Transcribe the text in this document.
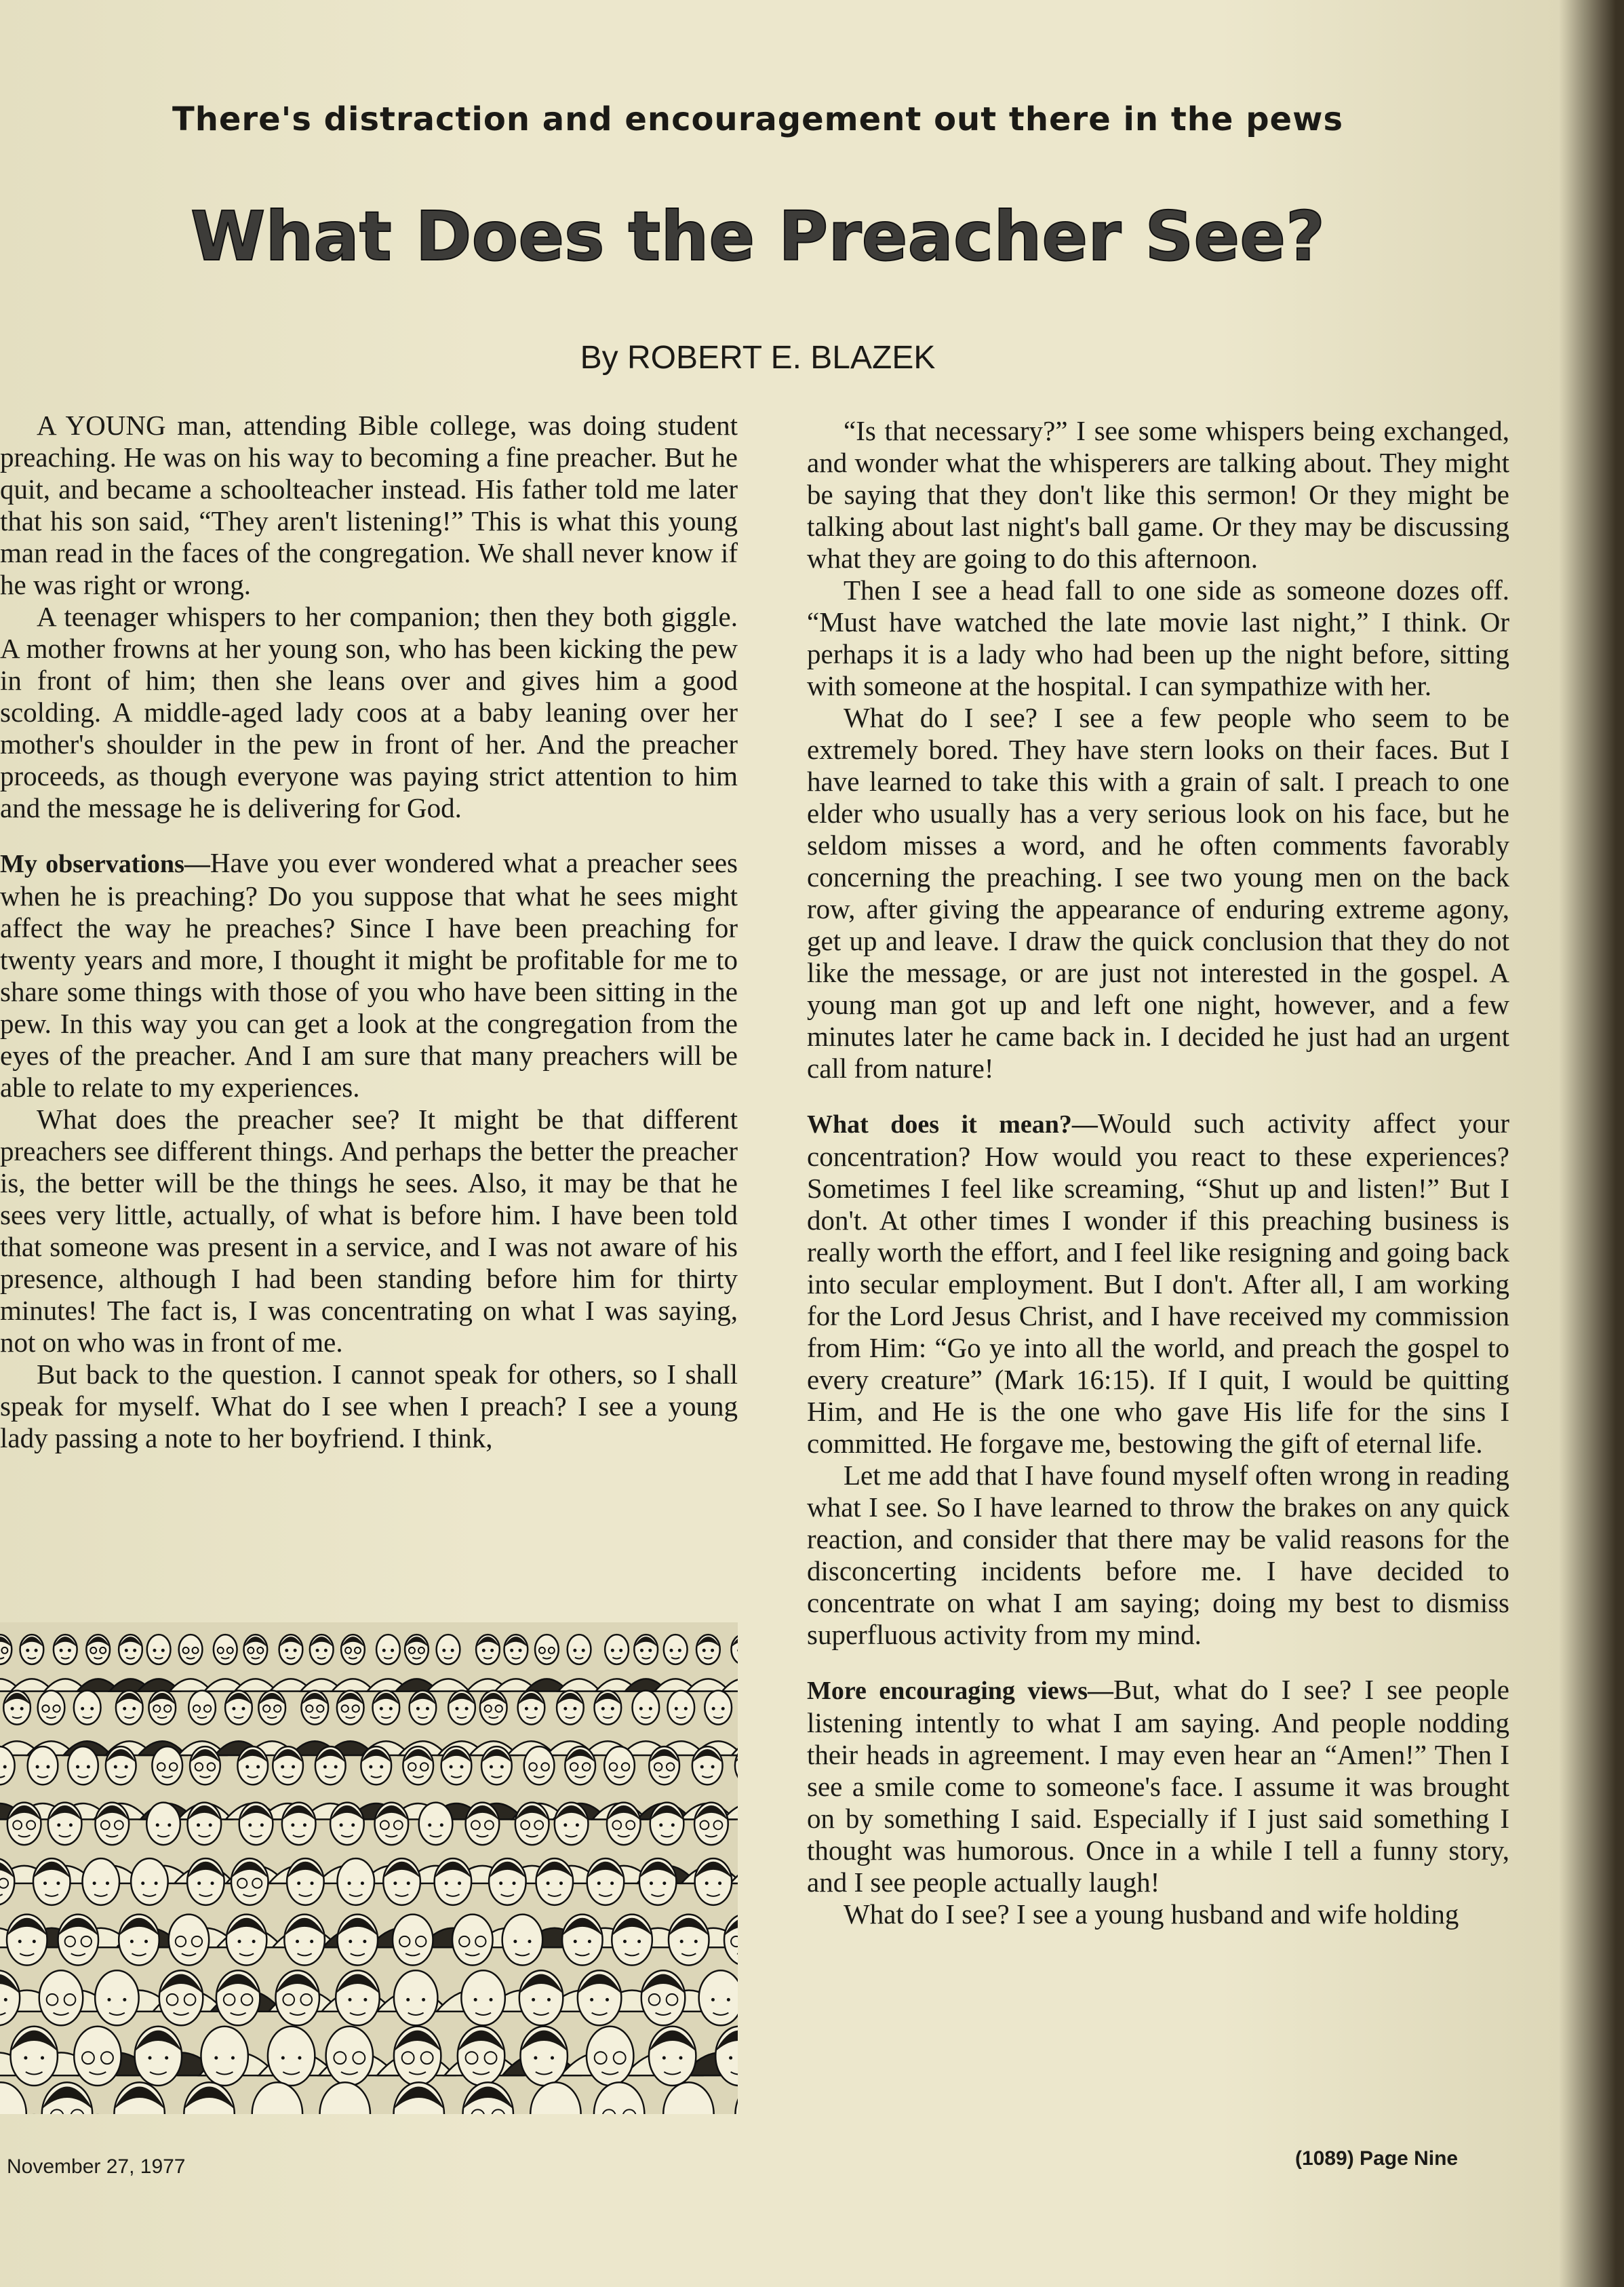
There's distraction and encouragement out there in the pews
What Does the Preacher See?
By ROBERT E. BLAZEK

A YOUNG man, attending Bible college, was doing student preaching. He was on his way to becoming a fine preacher. But he quit, and became a schoolteacher instead. His father told me later that his son said, “They aren't listening!” This is what this young man read in the faces of the congregation. We shall never know if he was right or wrong.

A teenager whispers to her companion; then they both giggle. A mother frowns at her young son, who has been kicking the pew in front of him; then she leans over and gives him a good scolding. A middle-aged lady coos at a baby leaning over her mother's shoulder in the pew in front of her. And the preacher proceeds, as though everyone was paying strict attention to him and the message he is delivering for God.

My observations—Have you ever wondered what a preacher sees when he is preaching? Do you suppose that what he sees might affect the way he preaches? Since I have been preaching for twenty years and more, I thought it might be profitable for me to share some things with those of you who have been sitting in the pew. In this way you can get a look at the congregation from the eyes of the preacher. And I am sure that many preachers will be able to relate to my experiences.

What does the preacher see? It might be that different preachers see different things. And perhaps the better the preacher is, the better will be the things he sees. Also, it may be that he sees very little, actually, of what is before him. I have been told that someone was present in a service, and I was not aware of his presence, although I had been standing before him for thirty minutes! The fact is, I was concentrating on what I was saying, not on who was in front of me.

But back to the question. I cannot speak for others, so I shall speak for myself. What do I see when I preach? I see a young lady passing a note to her boyfriend. I think,

“Is that necessary?” I see some whispers being exchanged, and wonder what the whisperers are talking about. They might be saying that they don't like this sermon! Or they might be talking about last night's ball game. Or they may be discussing what they are going to do this afternoon.

Then I see a head fall to one side as someone dozes off. “Must have watched the late movie last night,” I think. Or perhaps it is a lady who had been up the night before, sitting with someone at the hospital. I can sympathize with her.

What do I see? I see a few people who seem to be extremely bored. They have stern looks on their faces. But I have learned to take this with a grain of salt. I preach to one elder who usually has a very serious look on his face, but he seldom misses a word, and he often comments favorably concerning the preaching. I see two young men on the back row, after giving the appearance of enduring extreme agony, get up and leave. I draw the quick conclusion that they do not like the message, or are just not interested in the gospel. A young man got up and left one night, however, and a few minutes later he came back in. I decided he just had an urgent call from nature!

What does it mean?—Would such activity affect your concentration? How would you react to these experiences? Sometimes I feel like screaming, “Shut up and listen!” But I don't. At other times I wonder if this preaching business is really worth the effort, and I feel like resigning and going back into secular employment. But I don't. After all, I am working for the Lord Jesus Christ, and I have received my commission from Him: “Go ye into all the world, and preach the gospel to every creature” (Mark 16:15). If I quit, I would be quitting Him, and He is the one who gave His life for the sins I committed. He forgave me, bestowing the gift of eternal life.

Let me add that I have found myself often wrong in reading what I see. So I have learned to throw the brakes on any quick reaction, and consider that there may be valid reasons for the disconcerting incidents before me. I have decided to concentrate on what I am saying; doing my best to dismiss superfluous activity from my mind.

More encouraging views—But, what do I see? I see people listening intently to what I am saying. And people nodding their heads in agreement. I may even hear an “Amen!” Then I see a smile come to someone's face. I assume it was brought on by something I said. Especially if I just said something I thought was humorous. Once in a while I tell a funny story, and I see people actually laugh!

What do I see? I see a young husband and wife holding

November 27, 1977	(1089) Page Nine
